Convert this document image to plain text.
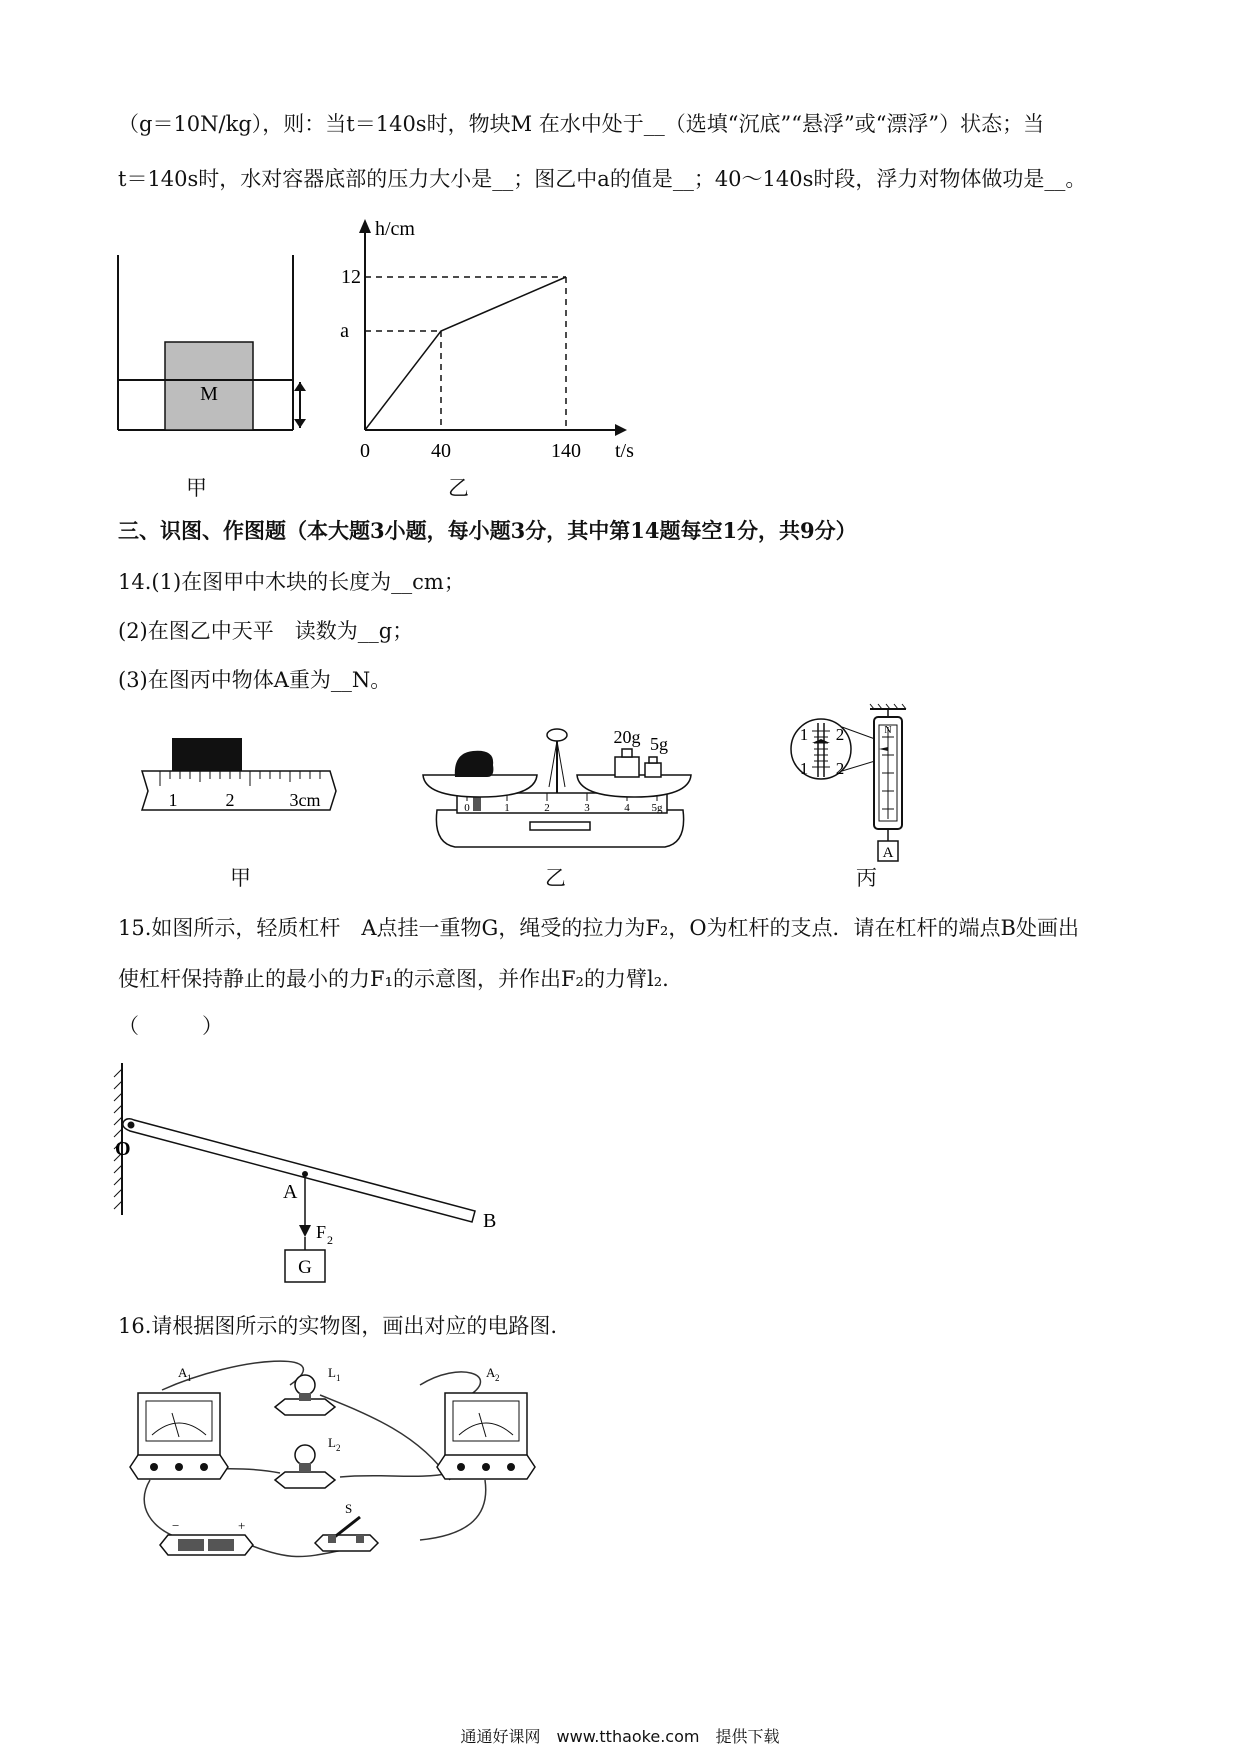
（g＝10N/kg），则：当t＝140s时，物块M 在水中处于__（选填“沉底”“悬浮”或“漂浮”）状态；当
t＝140s时，水对容器底部的压力大小是__；图乙中a的值是__；40～140s时段，浮力对物体做功是__。
M
甲
h/cm
t/s
0	40	140
a
12
乙
三、识图、作图题（本大题3小题，每小题3分，其中第14题每空1分，共9分）
14.(1)在图甲中木块的长度为__cm；
(2)在图乙中天平　读数为__g；
(3)在图丙中物体A重为__N。
1	2	3cm
甲
0	1	2	3	4 5g
20g 5g
乙
1 2
1 2
N
A
丙
15.如图所示，轻质杠杆　A点挂一重物G，绳受的拉力为F₂，O为杠杆的支点．请在杠杆的端点B处画出
使杠杆保持静止的最小的力F₁的示意图，并作出F₂的力臂l₂.
（　　　）
G
O
A
B
F 2
16.请根据图所示的实物图，画出对应的电路图.
A 1	A 2
L 1
L 2
−	+
S
通通好课网　www.tthaoke.com　提供下载
